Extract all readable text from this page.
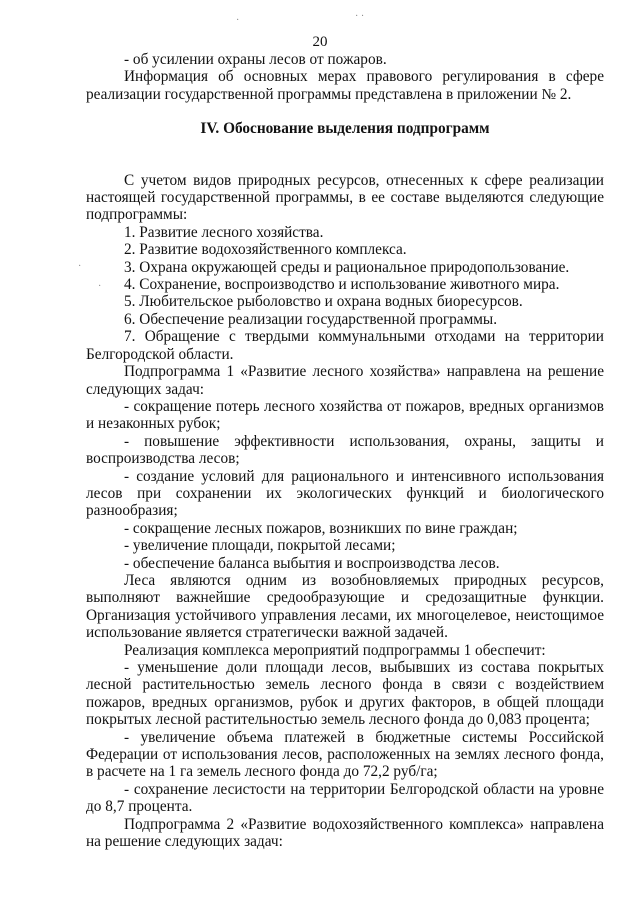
20
·	· ·
·
·

- об усилении охраны лесов от пожаров.

Информация об основных мерах правового регулирования в сфере реализации государственной программы представлена в приложении № 2.

IV. Обоснование выделения подпрограмм

С учетом видов природных ресурсов, отнесенных к сфере реализации настоящей государственной программы, в ее составе выделяются следующие подпрограммы:

1. Развитие лесного хозяйства.

2. Развитие водохозяйственного комплекса.

3. Охрана окружающей среды и рациональное природопользование.

4. Сохранение, воспроизводство и использование животного мира.

5. Любительское рыболовство и охрана водных биоресурсов.

6. Обеспечение реализации государственной программы.

7. Обращение с твердыми коммунальными отходами на территории Белгородской области.

Подпрограмма 1 «Развитие лесного хозяйства» направлена на решение следующих задач:

- сокращение потерь лесного хозяйства от пожаров, вредных организмов и незаконных рубок;

- повышение эффективности использования, охраны, защиты и воспроизводства лесов;

- создание условий для рационального и интенсивного использования лесов при сохранении их экологических функций и биологического разнообразия;

- сокращение лесных пожаров, возникших по вине граждан;

- увеличение площади, покрытой лесами;

- обеспечение баланса выбытия и воспроизводства лесов.

Леса являются одним из возобновляемых природных ресурсов, выполняют важнейшие средообразующие и средозащитные функции. Организация устойчивого управления лесами, их многоцелевое, неистощимое использование является стратегически важной задачей.

Реализация комплекса мероприятий подпрограммы 1 обеспечит:

- уменьшение доли площади лесов, выбывших из состава покрытых лесной растительностью земель лесного фонда в связи с воздействием пожаров, вредных организмов, рубок и других факторов, в общей площади покрытых лесной растительностью земель лесного фонда до 0,083 процента;

- увеличение объема платежей в бюджетные системы Российской Федерации от использования лесов, расположенных на землях лесного фонда, в расчете на 1 га земель лесного фонда до 72,2 руб/га;

- сохранение лесистости на территории Белгородской области на уровне до 8,7 процента.

Подпрограмма 2 «Развитие водохозяйственного комплекса» направлена на решение следующих задач:
